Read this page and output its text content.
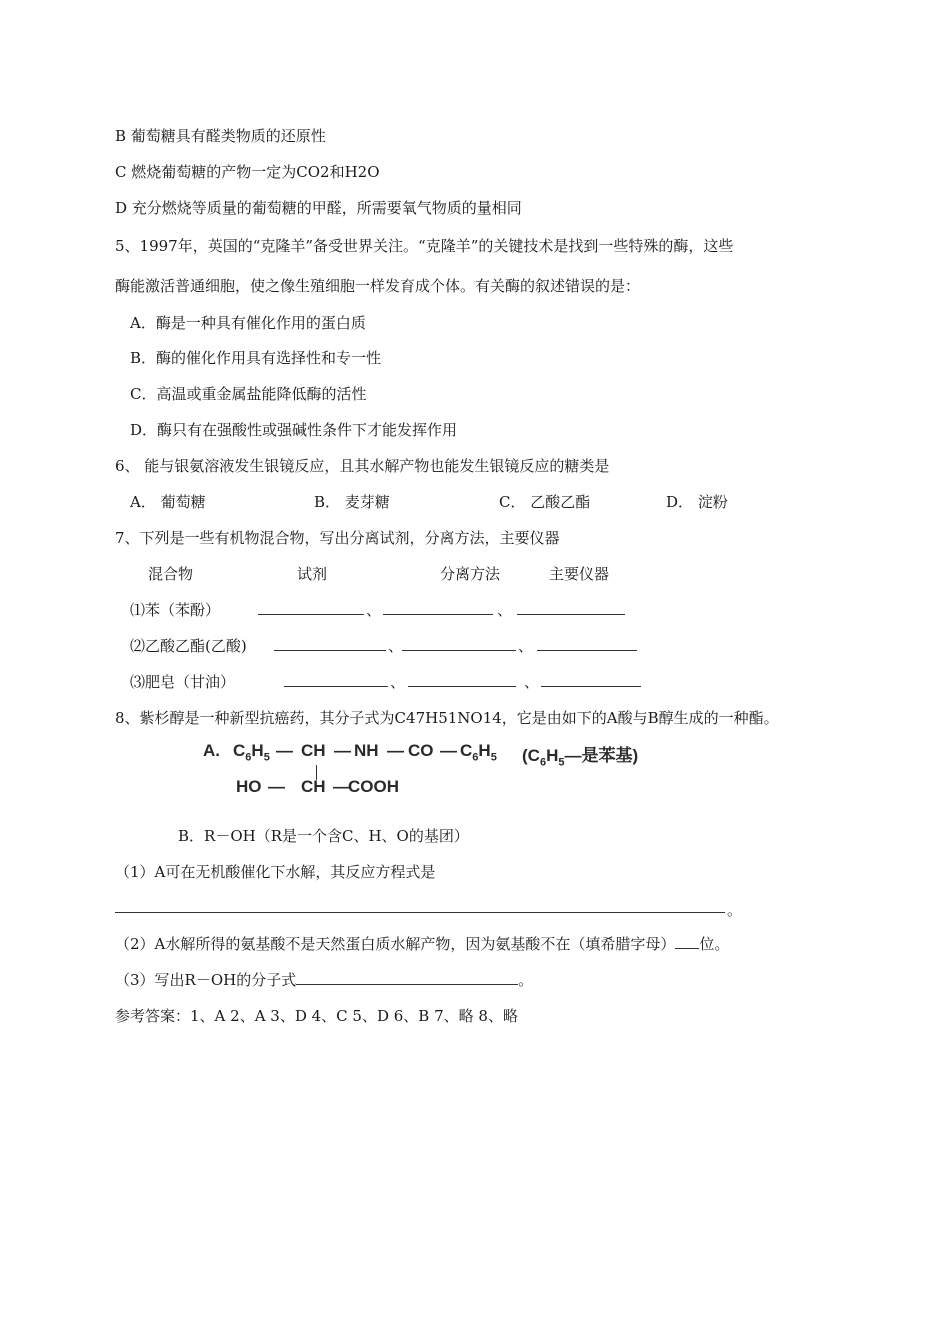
B 葡萄糖具有醛类物质的还原性
C 燃烧葡萄糖的产物一定为CO2和H2O
D 充分燃烧等质量的葡萄糖的甲醛，所需要氧气物质的量相同
5、1997年，英国的“克隆羊”备受世界关注。“克隆羊”的关键技术是找到一些特殊的酶，这些
酶能激活普通细胞，使之像生殖细胞一样发育成个体。有关酶的叙述错误的是：
A．酶是一种具有催化作用的蛋白质
B．酶的催化作用具有选择性和专一性
C．高温或重金属盐能降低酶的活性
D．酶只有在强酸性或强碱性条件下才能发挥作用
6、 能与银氨溶液发生银镜反应，且其水解产物也能发生银镜反应的糖类是
A． 葡萄糖	B． 麦芽糖	C． 乙酸乙酯	D． 淀粉
7、下列是一些有机物混合物，写出分离试剂，分离方法，主要仪器
混合物	试剂	分离方法	主要仪器
⑴苯（苯酚）	、	、
⑵乙酸乙酯(乙酸)	、	、
⑶肥皂（甘油）	、	、
8、紫杉醇是一种新型抗癌药，其分子式为C47H51NO14，它是由如下的A酸与B醇生成的一种酯。
A. $C_6H_5$ — CH — NH — CO — $C_6H_5$ ($C_6H_5—$是苯基)
HO — CH —
COOH
B．R－OH（R是一个含C、H、O的基团）
（1）A可在无机酸催化下水解，其反应方程式是
。
（2）A水解所得的氨基酸不是天然蛋白质水解产物，因为氨基酸不在（填希腊字母） 位。
（3）写出R－OH的分子式	。
参考答案：1、A 2、A 3、D 4、C 5、D 6、B 7、略 8、略
